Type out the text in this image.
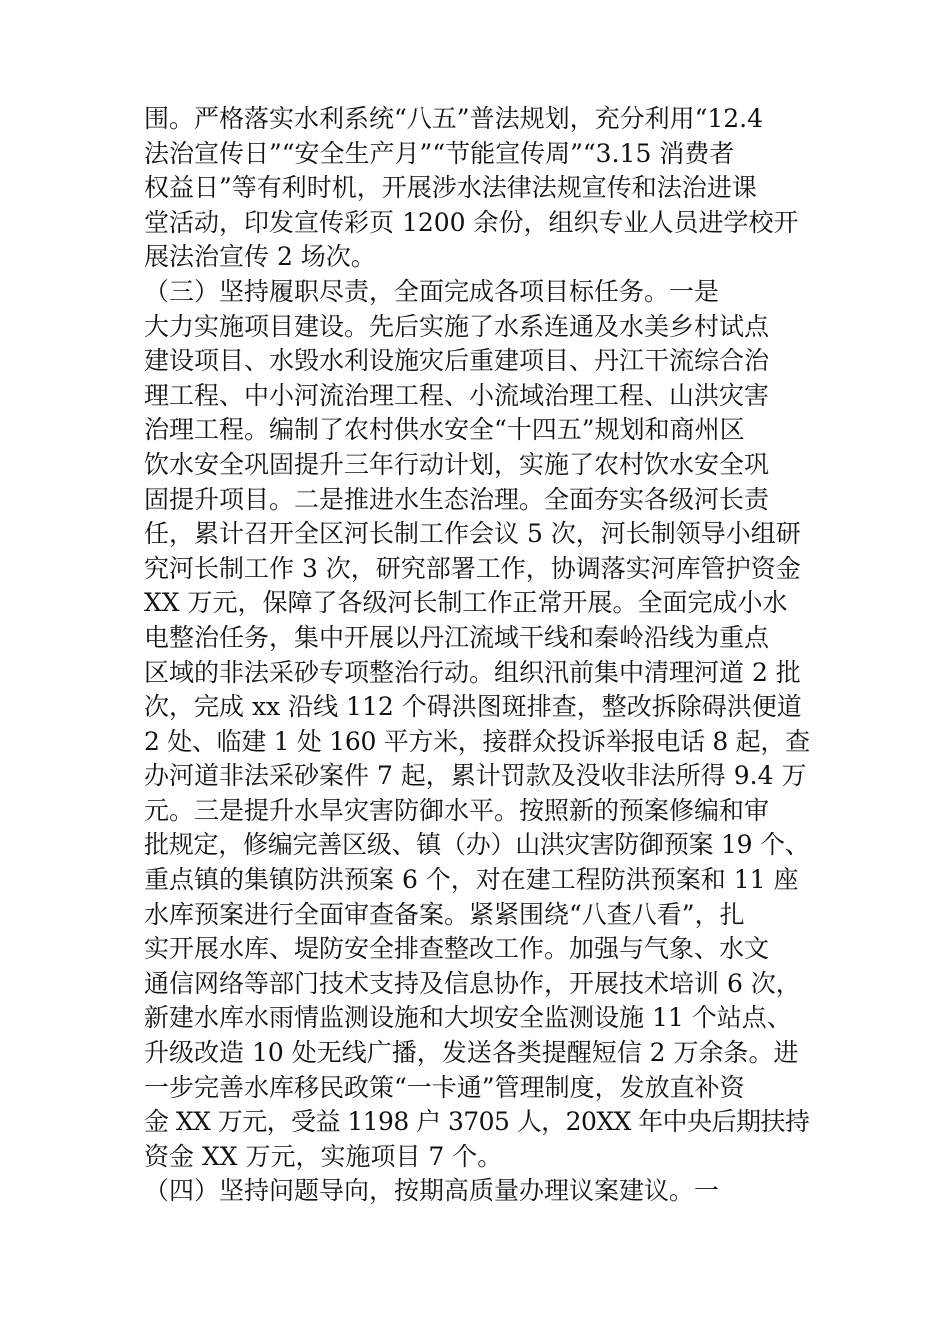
围。严格落实水利系统“八五”普法规划，充分利用“12.4
法治宣传日”“安全生产月”“节能宣传周”“3.15 消费者
权益日”等有利时机，开展涉水法律法规宣传和法治进课
堂活动，印发宣传彩页 1200 余份，组织专业人员进学校开
展法治宣传 2 场次。
（三）坚持履职尽责，全面完成各项目标任务。一是
大力实施项目建设。先后实施了水系连通及水美乡村试点
建设项目、水毁水利设施灾后重建项目、丹江干流综合治
理工程、中小河流治理工程、小流域治理工程、山洪灾害
治理工程。编制了农村供水安全“十四五”规划和商州区
饮水安全巩固提升三年行动计划，实施了农村饮水安全巩
固提升项目。二是推进水生态治理。全面夯实各级河长责
任，累计召开全区河长制工作会议 5 次，河长制领导小组研
究河长制工作 3 次，研究部署工作，协调落实河库管护资金
XX 万元，保障了各级河长制工作正常开展。全面完成小水
电整治任务，集中开展以丹江流域干线和秦岭沿线为重点
区域的非法采砂专项整治行动。组织汛前集中清理河道 2 批
次，完成 xx 沿线 112 个碍洪图斑排查，整改拆除碍洪便道
2 处、临建 1 处 160 平方米，接群众投诉举报电话 8 起，查
办河道非法采砂案件 7 起，累计罚款及没收非法所得 9.4 万
元。三是提升水旱灾害防御水平。按照新的预案修编和审
批规定，修编完善区级、镇（办）山洪灾害防御预案 19 个、
重点镇的集镇防洪预案 6 个，对在建工程防洪预案和 11 座
水库预案进行全面审查备案。紧紧围绕“八查八看”，扎
实开展水库、堤防安全排查整改工作。加强与气象、水文
通信网络等部门技术支持及信息协作，开展技术培训 6 次，
新建水库水雨情监测设施和大坝安全监测设施 11 个站点、
升级改造 10 处无线广播，发送各类提醒短信 2 万余条。进
一步完善水库移民政策“一卡通”管理制度，发放直补资
金 XX 万元，受益 1198 户 3705 人，20XX 年中央后期扶持
资金 XX 万元，实施项目 7 个。
（四）坚持问题导向，按期高质量办理议案建议。一
